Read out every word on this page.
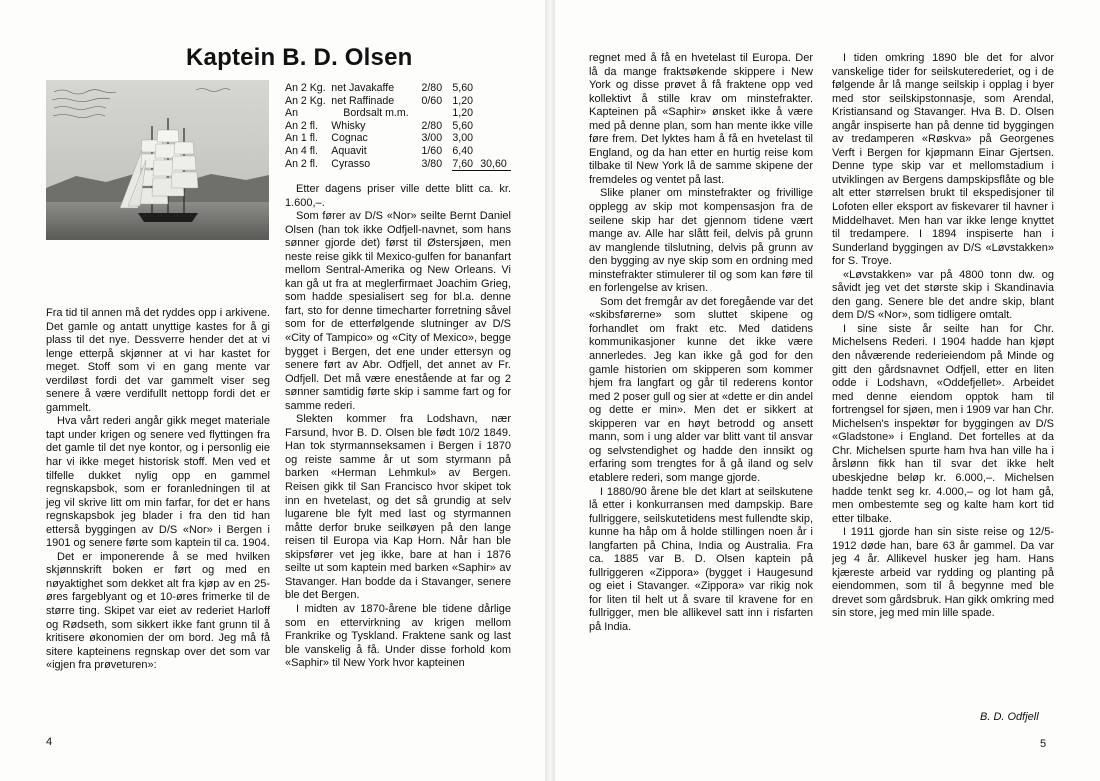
Kaptein B. D. Olsen
An 2 Kg.	net Javakaffe	2/80	5,60	
An 2 Kg.	net Raffinade	0/60	1,20	
An	Bordsalt m.m.		1,20	
An 2 fl.	Whisky	2/80	5,60	
An 1 fl.	Cognac	3/00	3,00	
An 4 fl.	Aquavit	1/60	6,40	
An 2 fl.	Cyrasso	3/80	7,60	30,60

Fra tid til annen må det ryddes opp i arkivene. Det gamle og antatt unyttige kastes for å gi plass til det nye. Dessverre hender det at vi lenge etterpå skjønner at vi har kastet for meget. Stoff som vi en gang mente var verdiløst fordi det var gammelt viser seg senere å være verdifullt nettopp fordi det er gammelt.

Hva vårt rederi angår gikk meget materiale tapt under krigen og senere ved flyttingen fra det gamle til det nye kontor, og i personlig eie har vi ikke meget historisk stoff. Men ved et tilfelle dukket nylig opp en gammel regnskapsbok, som er foranledningen til at jeg vil skrive litt om min farfar, for det er hans regnskapsbok jeg blader i fra den tid han etterså byggingen av D/S «Nor» i Bergen i 1901 og senere førte som kaptein til ca. 1904.

Det er imponerende å se med hvilken skjønnskrift boken er ført og med en nøyaktighet som dekket alt fra kjøp av en 25-øres fargeblyant og et 10-øres frimerke til de større ting. Skipet var eiet av rederiet Harloff og Rødseth, som sikkert ikke fant grunn til å kritisere økonomien der om bord. Jeg må få sitere kapteinens regnskap over det som var «igjen fra prøveturen»:

Etter dagens priser ville dette blitt ca. kr. 1.600,–.

Som fører av D/S «Nor» seilte Bernt Daniel Olsen (han tok ikke Odfjell-navnet, som hans sønner gjorde det) først til Østersjøen, men neste reise gikk til Mexico-gulfen for bananfart mellom Sentral-Amerika og New Orleans. Vi kan gå ut fra at meglerfirmaet Joachim Grieg, som hadde spesialisert seg for bl.a. denne fart, sto for denne timecharter forretning såvel som for de etterfølgende slutninger av D/S «City of Tampico» og «City of Mexico», begge bygget i Bergen, det ene under ettersyn og senere ført av Abr. Odfjell, det annet av Fr. Odfjell. Det må være enestående at far og 2 sønner samtidig førte skip i samme fart og for samme rederi.

Slekten kommer fra Lodshavn, nær Farsund, hvor B. D. Olsen ble født 10/2 1849. Han tok styrmannseksamen i Bergen i 1870 og reiste samme år ut som styrmann på barken «Herman Lehmkul» av Bergen. Reisen gikk til San Francisco hvor skipet tok inn en hvetelast, og det så grundig at selv lugarene ble fylt med last og styrmannen måtte derfor bruke seilkøyen på den lange reisen til Europa via Kap Horn. Når han ble skipsfører vet jeg ikke, bare at han i 1876 seilte ut som kaptein med barken «Saphir» av Stavanger. Han bodde da i Stavanger, senere ble det Bergen.

I midten av 1870-årene ble tidene dårlige som en ettervirkning av krigen mellom Frankrike og Tyskland. Fraktene sank og last ble vanskelig å få. Under disse forhold kom «Saphir» til New York hvor kapteinen

4

regnet med å få en hvetelast til Europa. Der lå da mange fraktsøkende skippere i New York og disse prøvet å få fraktene opp ved kollektivt å stille krav om minstefrakter. Kapteinen på «Saphir» ønsket ikke å være med på denne plan, som han mente ikke ville føre frem. Det lyktes ham å få en hvetelast til England, og da han etter en hurtig reise kom tilbake til New York lå de samme skipene der fremdeles og ventet på last.

Slike planer om minstefrakter og frivillige opplegg av skip mot kompensasjon fra de seilene skip har det gjennom tidene vært mange av. Alle har slått feil, delvis på grunn av manglende tilslutning, delvis på grunn av den bygging av nye skip som en ordning med minstefrakter stimulerer til og som kan føre til en forlengelse av krisen.

Som det fremgår av det foregående var det «skibsførerne» som sluttet skipene og forhandlet om frakt etc. Med datidens kommunikasjoner kunne det ikke være annerledes. Jeg kan ikke gå god for den gamle historien om skipperen som kommer hjem fra langfart og går til rederens kontor med 2 poser gull og sier at «dette er din andel og dette er min». Men det er sikkert at skipperen var en høyt betrodd og ansett mann, som i ung alder var blitt vant til ansvar og selvstendighet og hadde den innsikt og erfaring som trengtes for å gå iland og selv etablere rederi, som mange gjorde.

I 1880/90 årene ble det klart at seilskutene lå etter i konkurransen med dampskip. Bare fullriggere, seilskutetidens mest fullendte skip, kunne ha håp om å holde stillingen noen år i langfarten på China, India og Australia. Fra ca. 1885 var B. D. Olsen kaptein på fullriggeren «Zippora» (bygget i Haugesund og eiet i Stavanger. «Zippora» var rikig nok for liten til helt ut å svare til kravene for en fullrigger, men ble allikevel satt inn i risfarten på India.

I tiden omkring 1890 ble det for alvor vanskelige tider for seilskuterederiet, og i de følgende år lå mange seilskip i opplag i byer med stor seilskipstonnasje, som Arendal, Kristiansand og Stavanger. Hva B. D. Olsen angår inspiserte han på denne tid byggingen av tredamperen «Røskva» på Georgenes Verft i Bergen for kjøpmann Einar Gjertsen. Denne type skip var et mellomstadium i utviklingen av Bergens dampskipsflåte og ble alt etter størrelsen brukt til ekspedisjoner til Lofoten eller eksport av fiskevarer til havner i Middelhavet. Men han var ikke lenge knyttet til tredampere. I 1894 inspiserte han i Sunderland byggingen av D/S «Løvstakken» for S. Troye.

«Løvstakken» var på 4800 tonn dw. og såvidt jeg vet det største skip i Skandinavia den gang. Senere ble det andre skip, blant dem D/S «Nor», som tidligere omtalt.

I sine siste år seilte han for Chr. Michelsens Rederi. I 1904 hadde han kjøpt den nåværende rederieiendom på Minde og gitt den gårdsnavnet Odfjell, etter en liten odde i Lodshavn, «Oddefjellet». Arbeidet med denne eiendom opptok ham til fortrengsel for sjøen, men i 1909 var han Chr. Michelsen's inspektør for byggingen av D/S «Gladstone» i England. Det fortelles at da Chr. Michelsen spurte ham hva han ville ha i årslønn fikk han til svar det ikke helt ubeskjedne beløp kr. 6.000,–. Michelsen hadde tenkt seg kr. 4.000,– og lot ham gå, men ombestemte seg og kalte ham kort tid etter tilbake.

I 1911 gjorde han sin siste reise og 12/5-1912 døde han, bare 63 år gammel. Da var jeg 4 år. Allikevel husker jeg ham. Hans kjæreste arbeid var rydding og planting på eiendommen, som til å begynne med ble drevet som gårdsbruk. Han gikk omkring med sin store, jeg med min lille spade.

B. D. Odfjell
5
